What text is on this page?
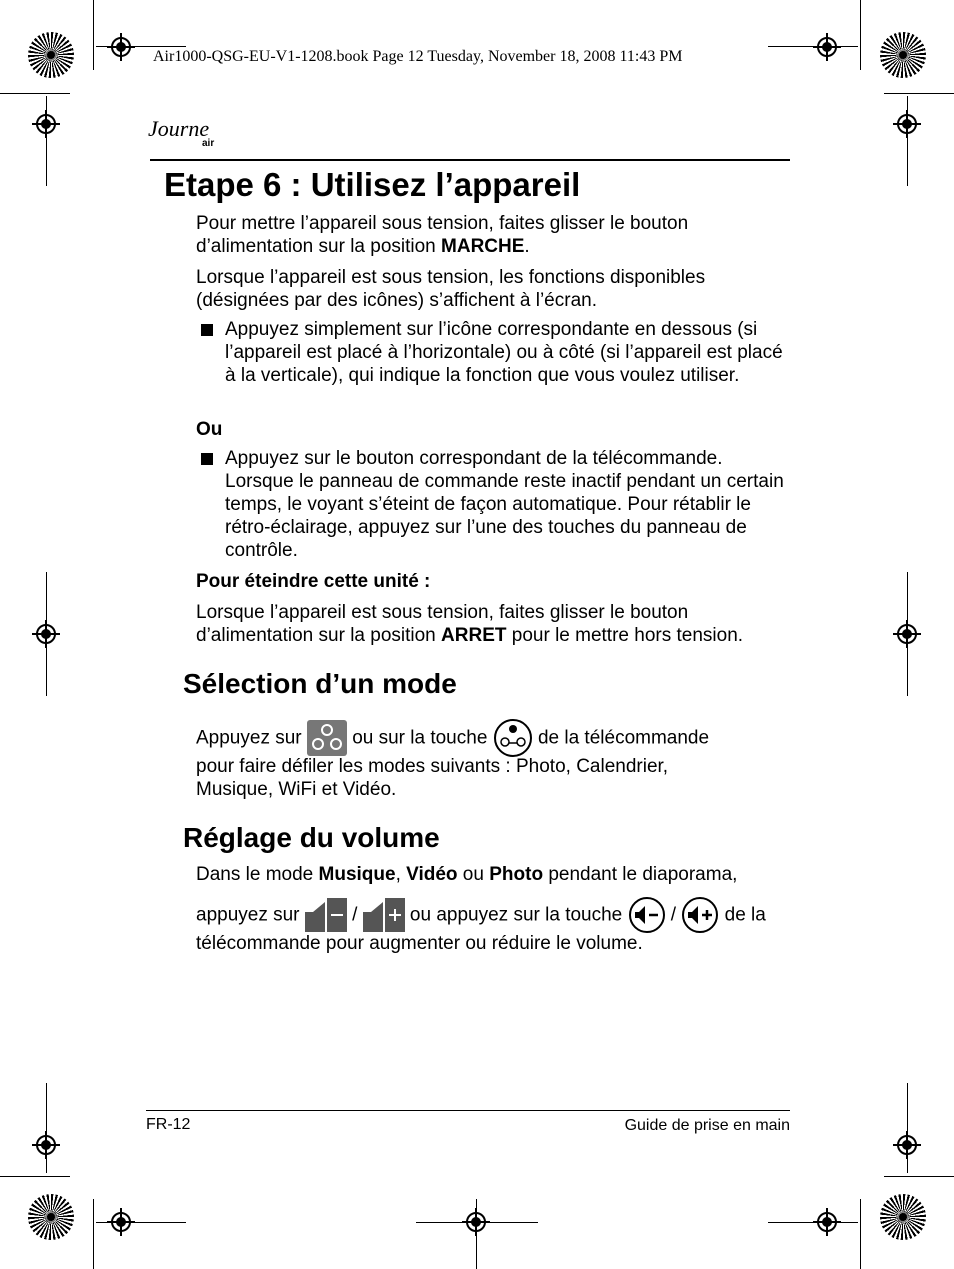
Air1000-QSG-EU-V1-1208.book Page 12 Tuesday, November 18, 2008 11:43 PM
Journe
air
Etape 6 : Utilisez l’appareil

Pour mettre l’appareil sous tension, faites glisser le bouton d’alimentation sur la position MARCHE.

Lorsque l’appareil est sous tension, les fonctions disponibles (désignées par des icônes) s’affichent à l’écran.

Appuyez simplement sur l’icône correspondante en dessous (si l’appareil est placé à l’horizontale) ou à côté (si l’appareil est placé à la verticale), qui indique la fonction que vous voulez utiliser.

Ou

Appuyez sur le bouton correspondant de la télécommande. Lorsque le panneau de commande reste inactif pendant un certain temps, le voyant s’éteint de façon automatique. Pour rétablir le rétro-éclairage, appuyez sur l’une des touches du panneau de contrôle.

Pour éteindre cette unité :

Lorsque l’appareil est sous tension, faites glisser le bouton d’alimentation sur la position ARRET pour le mettre hors tension.

Sélection d’un mode
Appuyez sur  ou sur la touche  de la télécommande

pour faire défiler les modes suivants : Photo, Calendrier,

Musique, WiFi et Vidéo.

Réglage du volume

Dans le mode Musique, Vidéo ou Photo pendant le diaporama,

appuyez sur  /	ou appuyez sur la touche  /	de la

télécommande pour augmenter ou réduire le volume.

FR-12	Guide de prise en main
